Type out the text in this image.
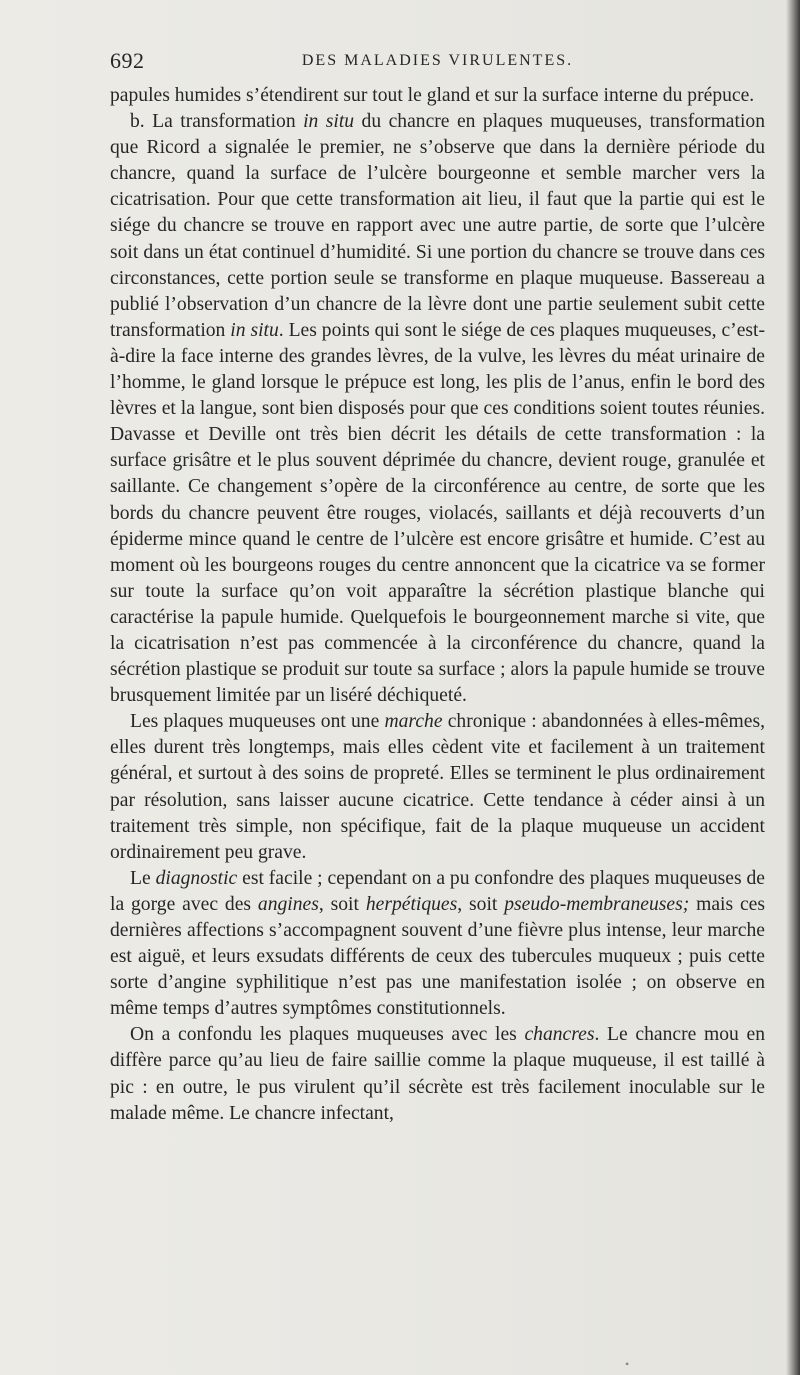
692	DES MALADIES VIRULENTES.

papules humides s’étendirent sur tout le gland et sur la surface interne du prépuce.

b. La transformation in situ du chancre en plaques muqueuses, transformation que Ricord a signalée le premier, ne s’observe que dans la dernière période du chancre, quand la surface de l’ulcère bourgeonne et semble marcher vers la cicatrisation. Pour que cette transformation ait lieu, il faut que la partie qui est le siége du chancre se trouve en rapport avec une autre partie, de sorte que l’ulcère soit dans un état continuel d’humidité. Si une portion du chancre se trouve dans ces circonstances, cette portion seule se transforme en plaque muqueuse. Bassereau a publié l’observation d’un chancre de la lèvre dont une partie seulement subit cette transformation in situ. Les points qui sont le siége de ces plaques muqueuses, c’est-à-dire la face interne des grandes lèvres, de la vulve, les lèvres du méat urinaire de l’homme, le gland lorsque le prépuce est long, les plis de l’anus, enfin le bord des lèvres et la langue, sont bien disposés pour que ces conditions soient toutes réunies. Davasse et Deville ont très bien décrit les détails de cette transformation : la surface grisâtre et le plus souvent déprimée du chancre, devient rouge, granulée et saillante. Ce changement s’opère de la circonférence au centre, de sorte que les bords du chancre peuvent être rouges, violacés, saillants et déjà recouverts d’un épiderme mince quand le centre de l’ulcère est encore grisâtre et humide. C’est au moment où les bourgeons rouges du centre annoncent que la cicatrice va se former sur toute la surface qu’on voit apparaître la sécrétion plastique blanche qui caractérise la papule humide. Quelquefois le bourgeonnement marche si vite, que la cicatrisation n’est pas commencée à la circonférence du chancre, quand la sécrétion plastique se produit sur toute sa surface ; alors la papule humide se trouve brusquement limitée par un liséré déchiqueté.

Les plaques muqueuses ont une marche chronique : abandonnées à elles-mêmes, elles durent très longtemps, mais elles cèdent vite et facilement à un traitement général, et surtout à des soins de propreté. Elles se terminent le plus ordinairement par résolution, sans laisser aucune cicatrice. Cette tendance à céder ainsi à un traitement très simple, non spécifique, fait de la plaque muqueuse un accident ordinairement peu grave.

Le diagnostic est facile ; cependant on a pu confondre des plaques muqueuses de la gorge avec des angines, soit herpétiques, soit pseudo-membraneuses; mais ces dernières affections s’accompagnent souvent d’une fièvre plus intense, leur marche est aiguë, et leurs exsudats différents de ceux des tubercules muqueux ; puis cette sorte d’angine syphilitique n’est pas une manifestation isolée ; on observe en même temps d’autres symptômes constitutionnels.

On a confondu les plaques muqueuses avec les chancres. Le chancre mou en diffère parce qu’au lieu de faire saillie comme la plaque muqueuse, il est taillé à pic : en outre, le pus virulent qu’il sécrète est très facilement inoculable sur le malade même. Le chancre infectant,

•
